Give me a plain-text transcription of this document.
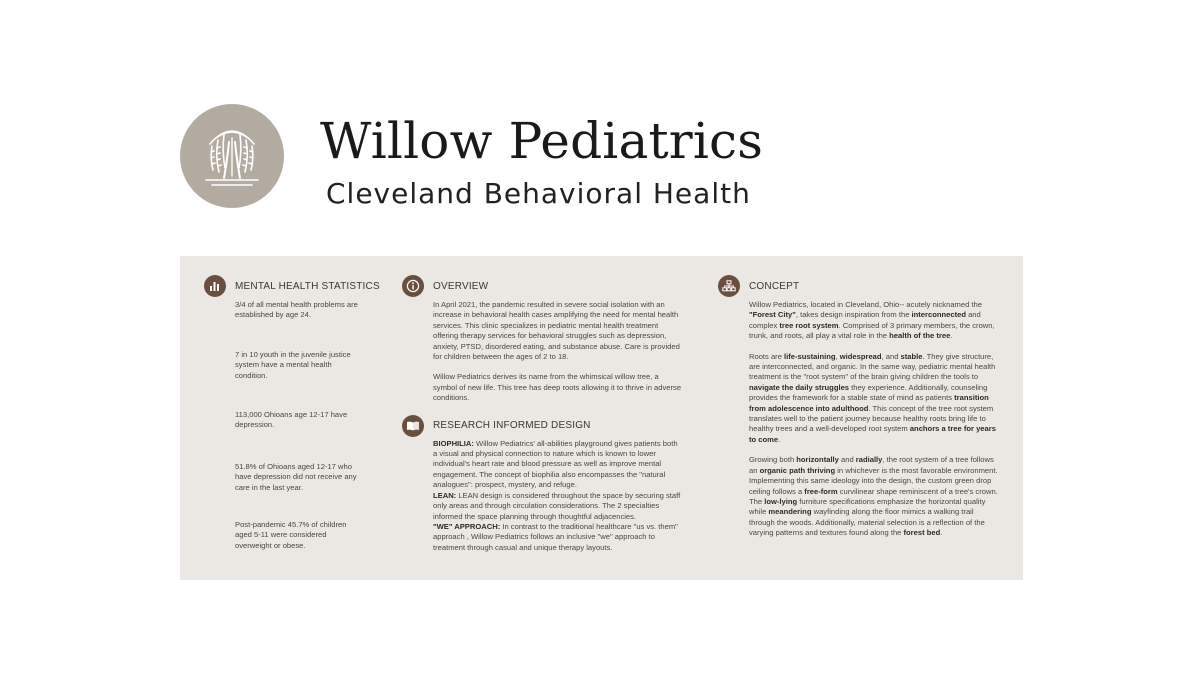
Willow Pediatrics
Cleveland Behavioral Health
MENTAL HEALTH STATISTICS
3/4 of all mental health problems are established by age 24.
7 in 10 youth in the juvenile justice system have a mental health condition.
113,000 Ohioans age 12-17 have depression.
51.8% of Ohioans aged 12-17 who have depression did not receive any care in the last year.
Post-pandemic 45.7% of children aged 5-11 were considered overweight or obese.
OVERVIEW

In April 2021, the pandemic resulted in severe social isolation with an increase in behavioral health cases amplifying the need for mental health services. This clinic specializes in pediatric mental health treatment offering therapy services for behavioral struggles such as depression, anxiety, PTSD, disordered eating, and substance abuse. Care is provided for children between the ages of 2 to 18.

Willow Pediatrics derives its name from the whimsical willow tree, a symbol of new life. This tree has deep roots allowing it to thrive in adverse conditions.

RESEARCH INFORMED DESIGN
BIOPHILIA: Willow Pediatrics' all-abilities playground gives patients both a visual and physical connection to nature which is known to lower individual's heart rate and blood pressure as well as improve mental engagement. The concept of biophilia also encompasses the "natural analogues": prospect, mystery, and refuge.
LEAN: LEAN design is considered throughout the space by securing staff only areas and through circulation considerations. The 2 specialties informed the space planning through thoughtful adjacencies.
"WE" APPROACH: In contrast to the traditional healthcare "us vs. them" approach , Willow Pediatrics follows an inclusive "we" approach to treatment through casual and unique therapy layouts.
CONCEPT

Willow Pediatrics, located in Cleveland, Ohio-- acutely nicknamed the "Forest City", takes design inspiration from the interconnected and complex tree root system. Comprised of 3 primary members, the crown, trunk, and roots, all play a vital role in the health of the tree.

Roots are life-sustaining, widespread, and stable. They give structure, are interconnected, and organic. In the same way, pediatric mental health treatment is the "root system" of the brain giving children the tools to navigate the daily struggles they experience. Additionally, counseling provides the framework for a stable state of mind as patients transition from adolescence into adulthood. This concept of the tree root system translates well to the patient journey because healthy roots bring life to healthy trees and a well-developed root system anchors a tree for years to come.

Growing both horizontally and radially, the root system of a tree follows an organic path thriving in whichever is the most favorable environment. Implementing this same ideology into the design, the custom green drop ceiling follows a free-form curvilinear shape reminiscent of a tree's crown. The low-lying furniture specifications emphasize the horizontal quality while meandering wayfinding along the floor mimics a walking trail through the woods. Additionally, material selection is a reflection of the varying patterns and textures found along the forest bed.
